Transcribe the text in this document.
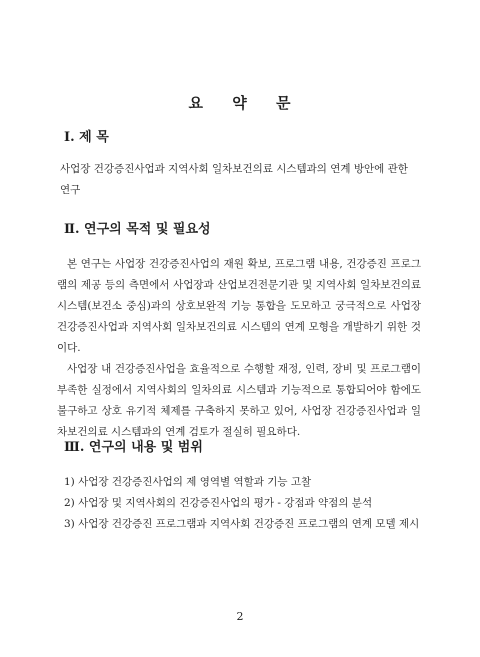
요 약 문
Ⅰ. 제 목
사업장 건강증진사업과 지역사회 일차보건의료 시스템과의 연계 방안에 관한 연구
Ⅱ. 연구의 목적 및 필요성

본 연구는 사업장 건강증진사업의 재원 확보, 프로그램 내용, 건강증진 프로그램의 제공 등의 측면에서 사업장과 산업보건전문기관 및 지역사회 일차보건의료 시스템(보건소 중심)과의 상호보완적 기능 통합을 도모하고 궁극적으로 사업장 건강증진사업과 지역사회 일차보건의료 시스템의 연계 모형을 개발하기 위한 것이다.

사업장 내 건강증진사업을 효율적으로 수행할 재정, 인력, 장비 및 프로그램이 부족한 실정에서 지역사회의 일차의료 시스템과 기능적으로 통합되어야 함에도 불구하고 상호 유기적 체제를 구축하지 못하고 있어, 사업장 건강증진사업과 일차보건의료 시스템과의 연계 검토가 절실히 필요하다.

Ⅲ. 연구의 내용 및 범위
1) 사업장 건강증진사업의 제 영역별 역할과 기능 고찰
2) 사업장 및 지역사회의 건강증진사업의 평가 - 강점과 약점의 분석
3) 사업장 건강증진 프로그램과 지역사회 건강증진 프로그램의 연계 모델 제시
2
